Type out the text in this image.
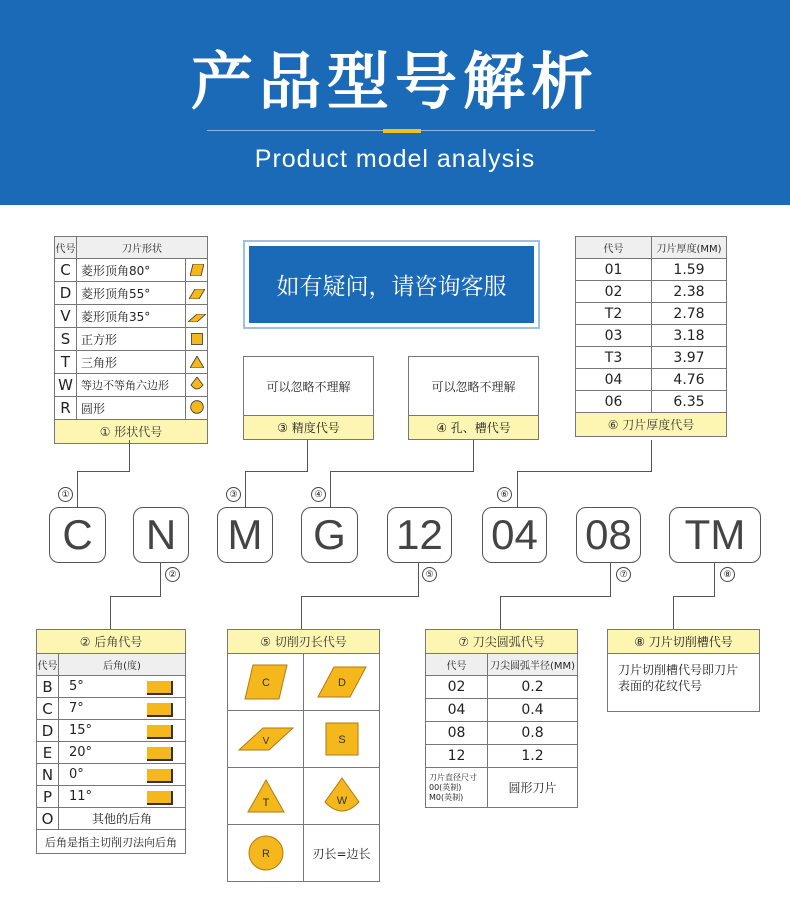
产品型号解析
Product model analysis
代号	刀片形状	
C	菱形顶角80°	
D	菱形顶角55°	
V	菱形顶角35°	
S	正方形	
T	三角形	
W	等边不等角六边形	
R	圆形	
① 形状代号		
如有疑问，请咨询客服
可以忽略不理解
③ 精度代号
可以忽略不理解
④ 孔、槽代号
代号	刀片厚度(MM)
01	1.59
02	2.38
T2	2.78
03	3.18
T3	3.97
04	4.76
06	6.35
⑥ 刀片厚度代号	
①	③	④	⑥
C	N	M G 12 04 08	TM
②	⑤	⑦	⑧
② 后角代号		
代号	后角(度)	
B	5°	
C	7°	
D	15°	
E	20°	
N	0°	
P	11°	
O	其他的后角	
后角是指主切削刃法向后角		
⑤ 切削刃长代号	

C	D

V	S

T	W

R	刃长=边长
⑦ 刀尖圆弧代号	
代号	刀尖圆弧半径(MM)
02	0.2
04	0.4
08	0.8
12	1.2
刀片直径尺寸
00(英制)
M0(英制)	圆形刀片
⑧ 刀片切削槽代号
刀片切削槽代号即刀片表面的花纹代号
